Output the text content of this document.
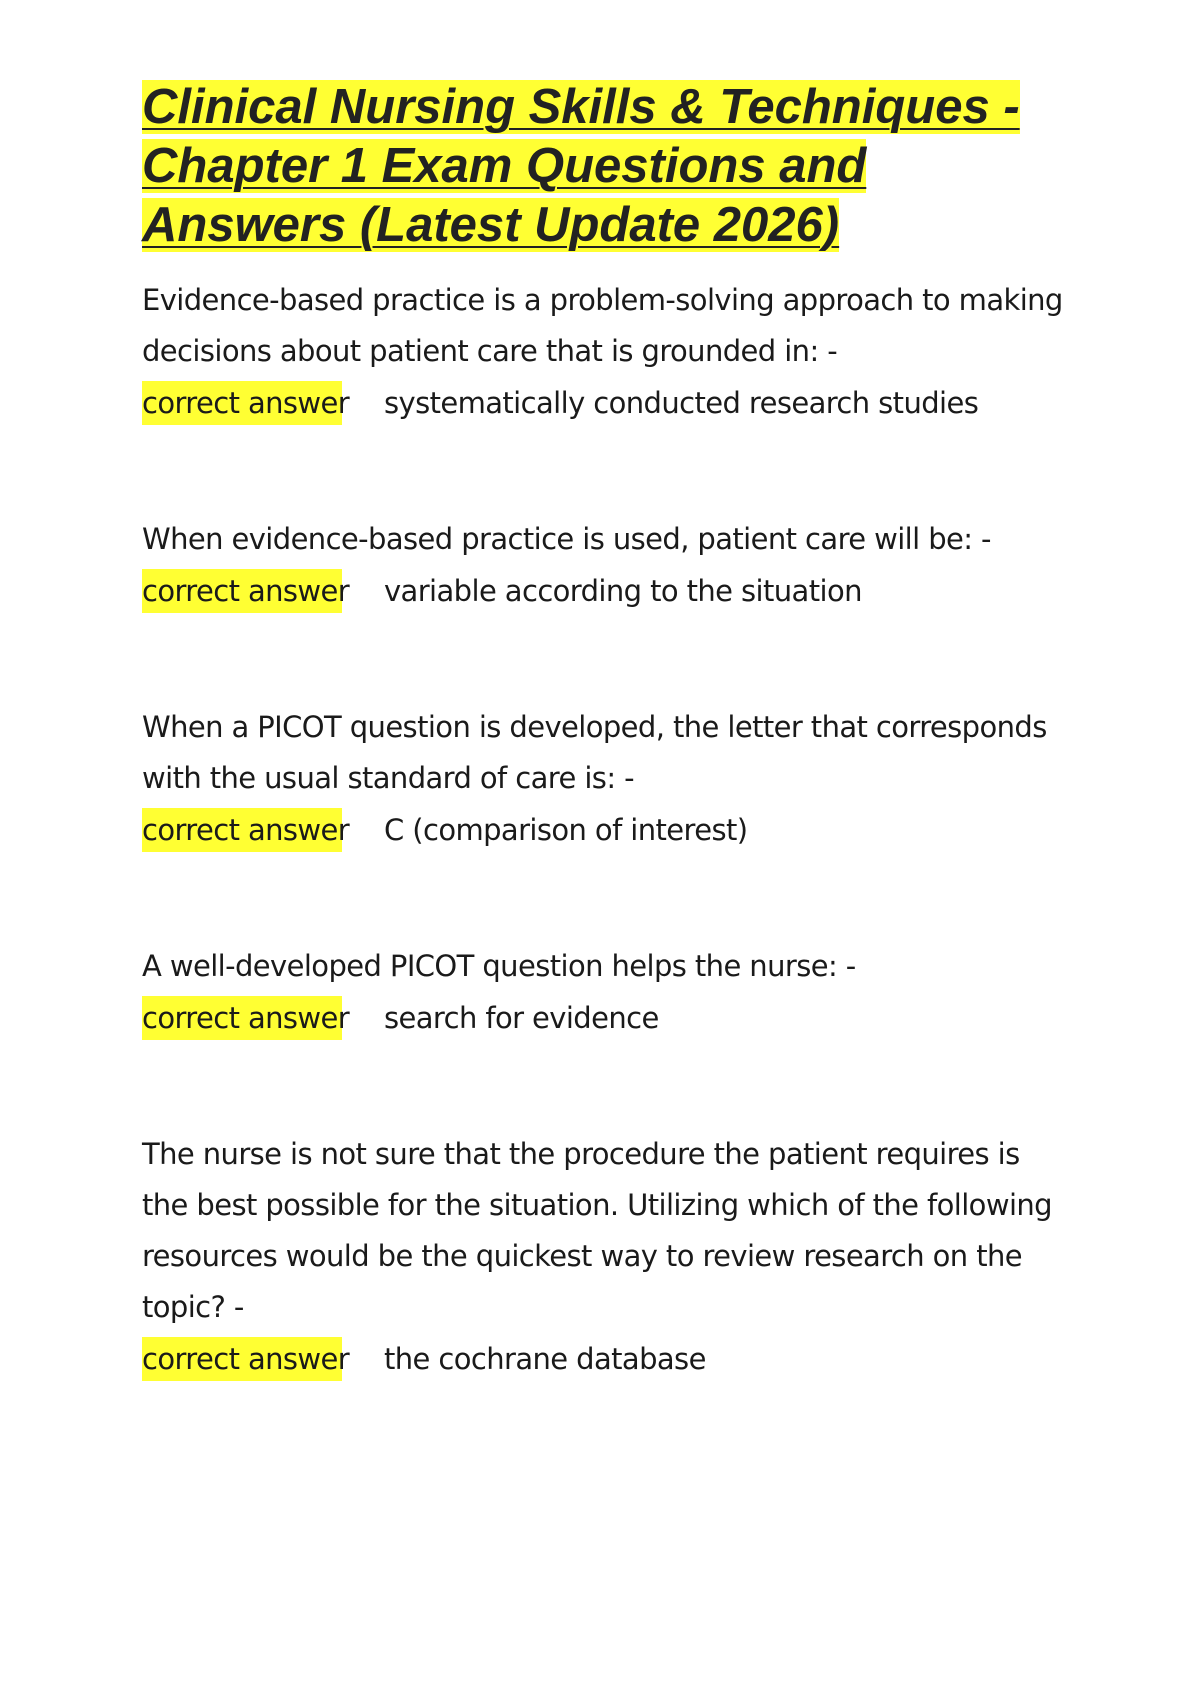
Clinical Nursing Skills & Techniques -
Chapter 1 Exam Questions and
Answers (Latest Update 2026)

Evidence-based practice is a problem-solving approach to making decisions about patient care that is grounded in: -

correct answer systematically conducted research studies

When evidence-based practice is used, patient care will be: -

correct answer variable according to the situation

When a PICOT question is developed, the letter that corresponds with the usual standard of care is: -

correct answer C (comparison of interest)

A well-developed PICOT question helps the nurse: -

correct answer search for evidence

The nurse is not sure that the procedure the patient requires is the best possible for the situation. Utilizing which of the following resources would be the quickest way to review research on the topic? -

correct answer the cochrane database
